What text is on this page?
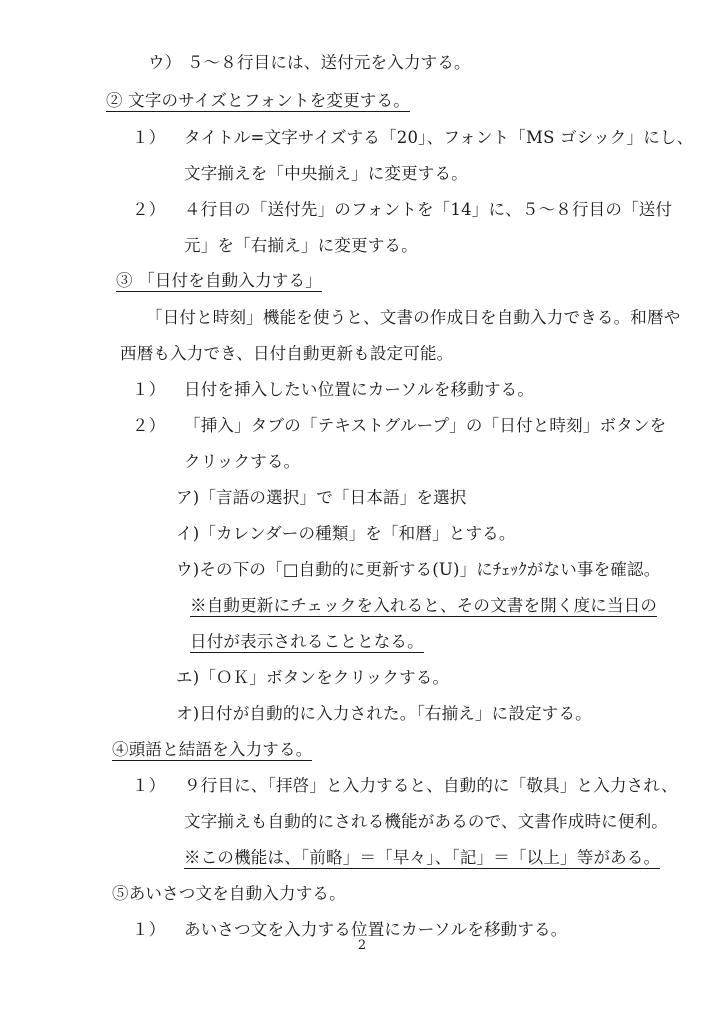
ウ） ５～８行目には、送付元を入力する。
② 文字のサイズとフォントを変更する。
１） タイトル=文字サイズする「20」、フォント「MS ゴシック」にし、
文字揃えを「中央揃え」に変更する。
２） ４行目の「送付先」のフォントを「14」に、５～８行目の「送付
元」を「右揃え」に変更する。
③ 「日付を自動入力する」
「日付と時刻」機能を使うと、文書の作成日を自動入力できる。和暦や
西暦も入力でき、日付自動更新も設定可能。
１） 日付を挿入したい位置にカーソルを移動する。
２） 「挿入」タブの「テキストグループ」の「日付と時刻」ボタンを
クリックする。
ア)「言語の選択」で「日本語」を選択
イ)「カレンダーの種類」を「和暦」とする。
ウ)その下の「□自動的に更新する(U)」にﾁｪｯｸがない事を確認。
※自動更新にチェックを入れると、その文書を開く度に当日の
日付が表示されることとなる。
エ)「ＯＫ」ボタンをクリックする。
オ)日付が自動的に入力された。「右揃え」に設定する。
④頭語と結語を入力する。
１） ９行目に、「拝啓」と入力すると、自動的に「敬具」と入力され、
文字揃えも自動的にされる機能があるので、文書作成時に便利。
※この機能は、「前略」＝「早々」、「記」＝「以上」等がある。
⑤あいさつ文を自動入力する。
１） あいさつ文を入力する位置にカーソルを移動する。
2
